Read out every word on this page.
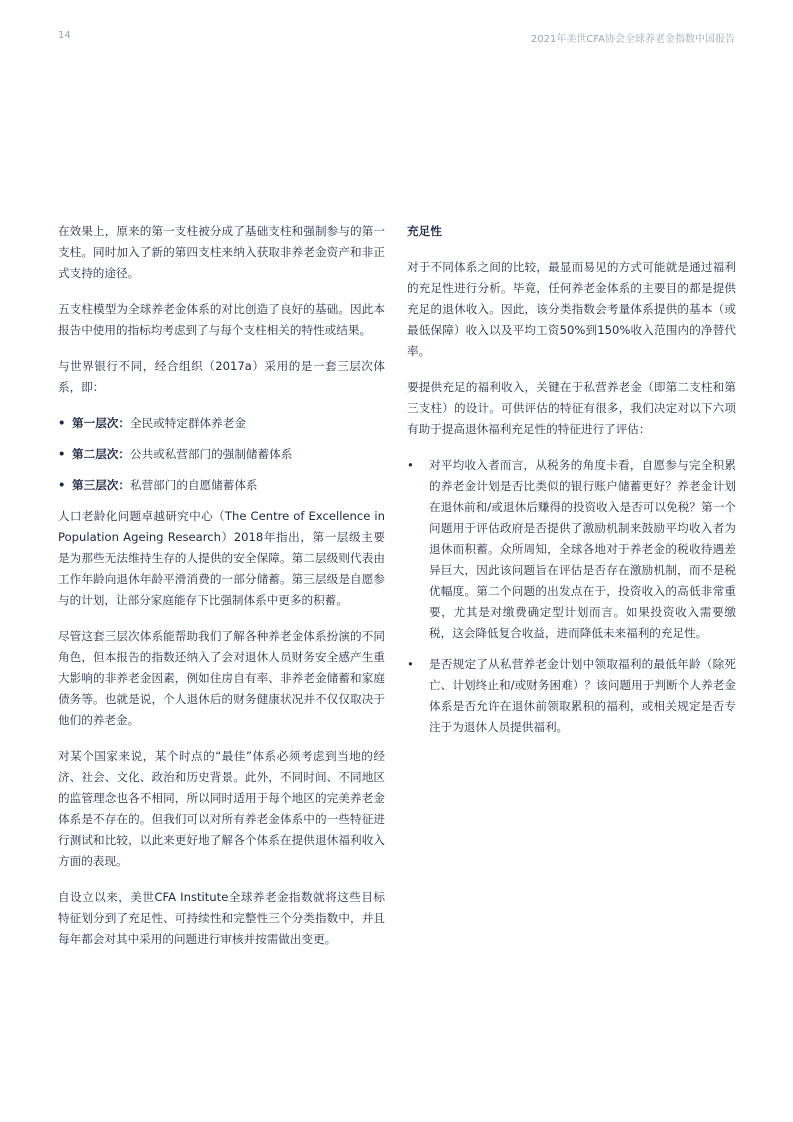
14	2021年美世CFA协会全球养老金指数中国报告

在效果上，原来的第一支柱被分成了基础支柱和强制参与的第一支柱。同时加入了新的第四支柱来纳入获取非养老金资产和非正式支持的途径。

五支柱模型为全球养老金体系的对比创造了良好的基础。因此本报告中使用的指标均考虑到了与每个支柱相关的特性或结果。

与世界银行不同，经合组织（2017a）采用的是一套三层次体系，即：

• 第一层次：全民或特定群体养老金
• 第二层次：公共或私营部门的强制储蓄体系
• 第三层次：私营部门的自愿储蓄体系

人口老龄化问题卓越研究中心（The Centre of Excellence in Population Ageing Research）2018年指出，第一层级主要是为那些无法维持生存的人提供的安全保障。第二层级则代表由工作年龄向退休年龄平滑消费的一部分储蓄。第三层级是自愿参与的计划，让部分家庭能存下比强制体系中更多的积蓄。

尽管这套三层次体系能帮助我们了解各种养老金体系扮演的不同角色，但本报告的指数还纳入了会对退休人员财务安全感产生重大影响的非养老金因素，例如住房自有率、非养老金储蓄和家庭债务等。也就是说，个人退休后的财务健康状况并不仅仅取决于他们的养老金。

对某个国家来说，某个时点的“最佳”体系必须考虑到当地的经济、社会、文化、政治和历史背景。此外，不同时间、不同地区的监管理念也各不相同，所以同时适用于每个地区的完美养老金体系是不存在的。但我们可以对所有养老金体系中的一些特征进行测试和比较，以此来更好地了解各个体系在提供退休福利收入方面的表现。

自设立以来，美世CFA Institute全球养老金指数就将这些目标特征划分到了充足性、可持续性和完整性三个分类指数中，并且每年都会对其中采用的问题进行审核并按需做出变更。

充足性

对于不同体系之间的比较，最显而易见的方式可能就是通过福利的充足性进行分析。毕竟，任何养老金体系的主要目的都是提供充足的退休收入。因此，该分类指数会考量体系提供的基本（或最低保障）收入以及平均工资50%到150%收入范围内的净替代率。

要提供充足的福利收入，关键在于私营养老金（即第二支柱和第三支柱）的设计。可供评估的特征有很多，我们决定对以下六项有助于提高退休福利充足性的特征进行了评估：

• 对平均收入者而言，从税务的角度卡看，自愿参与完全积累的养老金计划是否比类似的银行账户储蓄更好？养老金计划在退休前和/或退休后赚得的投资收入是否可以免税？第一个问题用于评估政府是否提供了激励机制来鼓励平均收入者为退休而积蓄。众所周知，全球各地对于养老金的税收待遇差异巨大，因此该问题旨在评估是否存在激励机制，而不是税优幅度。第二个问题的出发点在于，投资收入的高低非常重要，尤其是对缴费确定型计划而言。如果投资收入需要缴税，这会降低复合收益，进而降低未来福利的充足性。
• 是否规定了从私营养老金计划中领取福利的最低年龄（除死亡、计划终止和/或财务困难）？该问题用于判断个人养老金体系是否允许在退休前领取累积的福利，或相关规定是否专注于为退休人员提供福利。
